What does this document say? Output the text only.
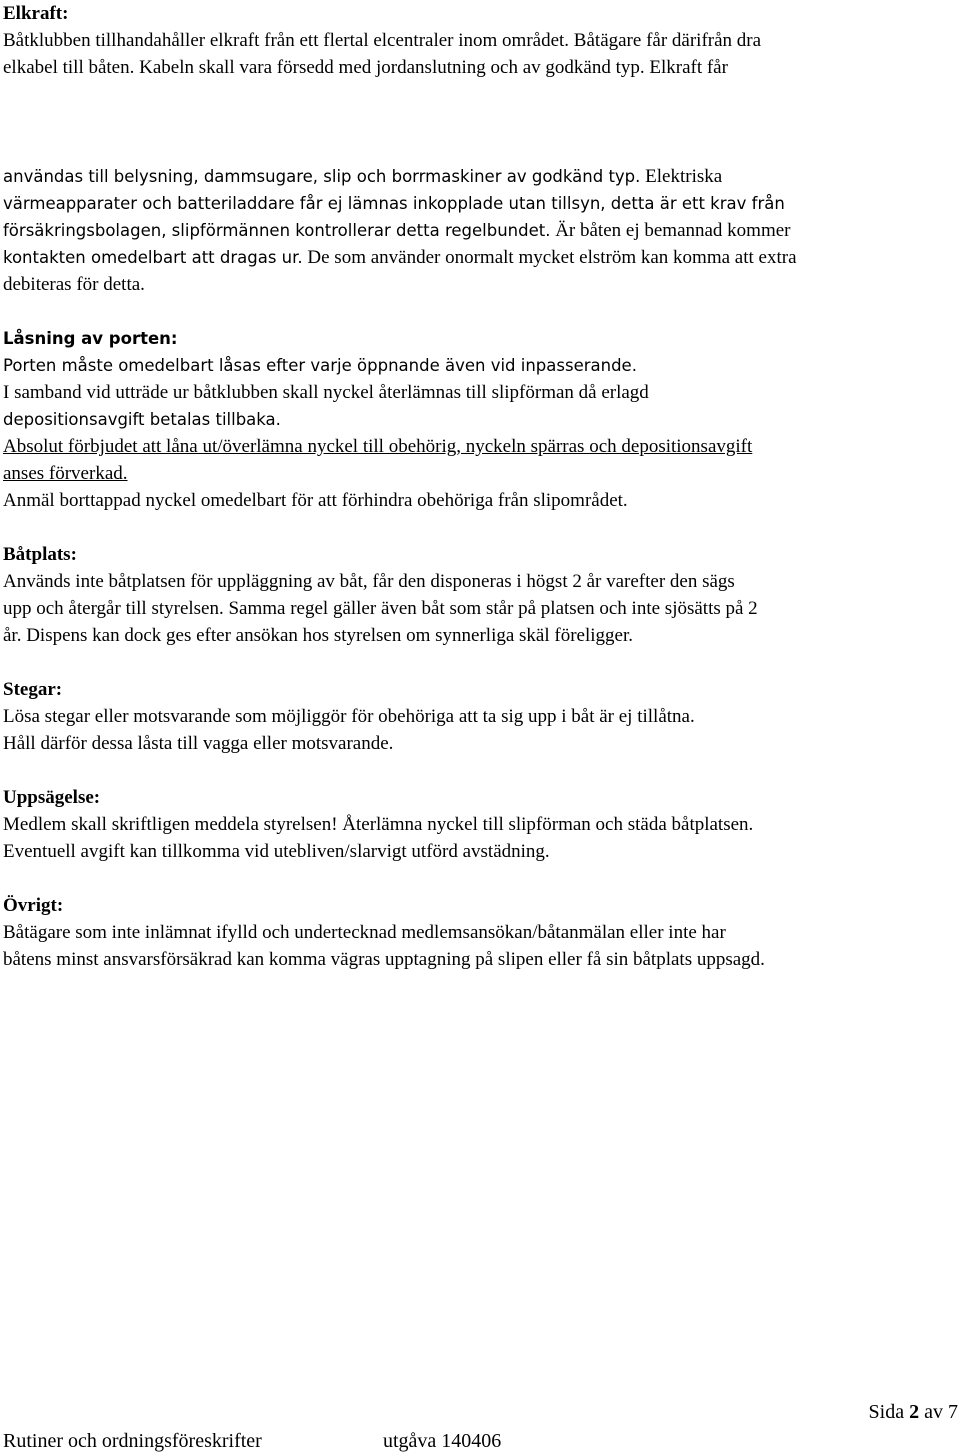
Elkraft:
Båtklubben tillhandahåller elkraft från ett flertal elcentraler inom området. Båtägare får därifrån dra
elkabel till båten. Kabeln skall vara försedd med jordanslutning och av godkänd typ. Elkraft får
användas till belysning, dammsugare, slip och borrmaskiner av godkänd typ. Elektriska
värmeapparater och batteriladdare får ej lämnas inkopplade utan tillsyn, detta är ett krav från
försäkringsbolagen, slipförmännen kontrollerar detta regelbundet. Är båten ej bemannad kommer
kontakten omedelbart att dragas ur. De som använder onormalt mycket elström kan komma att extra
debiteras för detta.
Låsning av porten:
Porten måste omedelbart låsas efter varje öppnande även vid inpasserande.
I samband vid utträde ur båtklubben skall nyckel återlämnas till slipförman då erlagd
depositionsavgift betalas tillbaka.
Absolut förbjudet att låna ut/överlämna nyckel till obehörig, nyckeln spärras och depositionsavgift
anses förverkad.
Anmäl borttappad nyckel omedelbart för att förhindra obehöriga från slipområdet.
Båtplats:
Används inte båtplatsen för uppläggning av båt, får den disponeras i högst 2 år varefter den sägs
upp och återgår till styrelsen. Samma regel gäller även båt som står på platsen och inte sjösätts på 2
år. Dispens kan dock ges efter ansökan hos styrelsen om synnerliga skäl föreligger.
Stegar:
Lösa stegar eller motsvarande som möjliggör för obehöriga att ta sig upp i båt är ej tillåtna.
Håll därför dessa låsta till vagga eller motsvarande.
Uppsägelse:
Medlem skall skriftligen meddela styrelsen! Återlämna nyckel till slipförman och städa båtplatsen.
Eventuell avgift kan tillkomma vid utebliven/slarvigt utförd avstädning.
Övrigt:
Båtägare som inte inlämnat ifylld och undertecknad medlemsansökan/båtanmälan eller inte har
båtens minst ansvarsförsäkrad kan komma vägras upptagning på slipen eller få sin båtplats uppsagd.
Sida 2 av 7
Rutiner och ordningsföreskrifter	utgåva 140406
